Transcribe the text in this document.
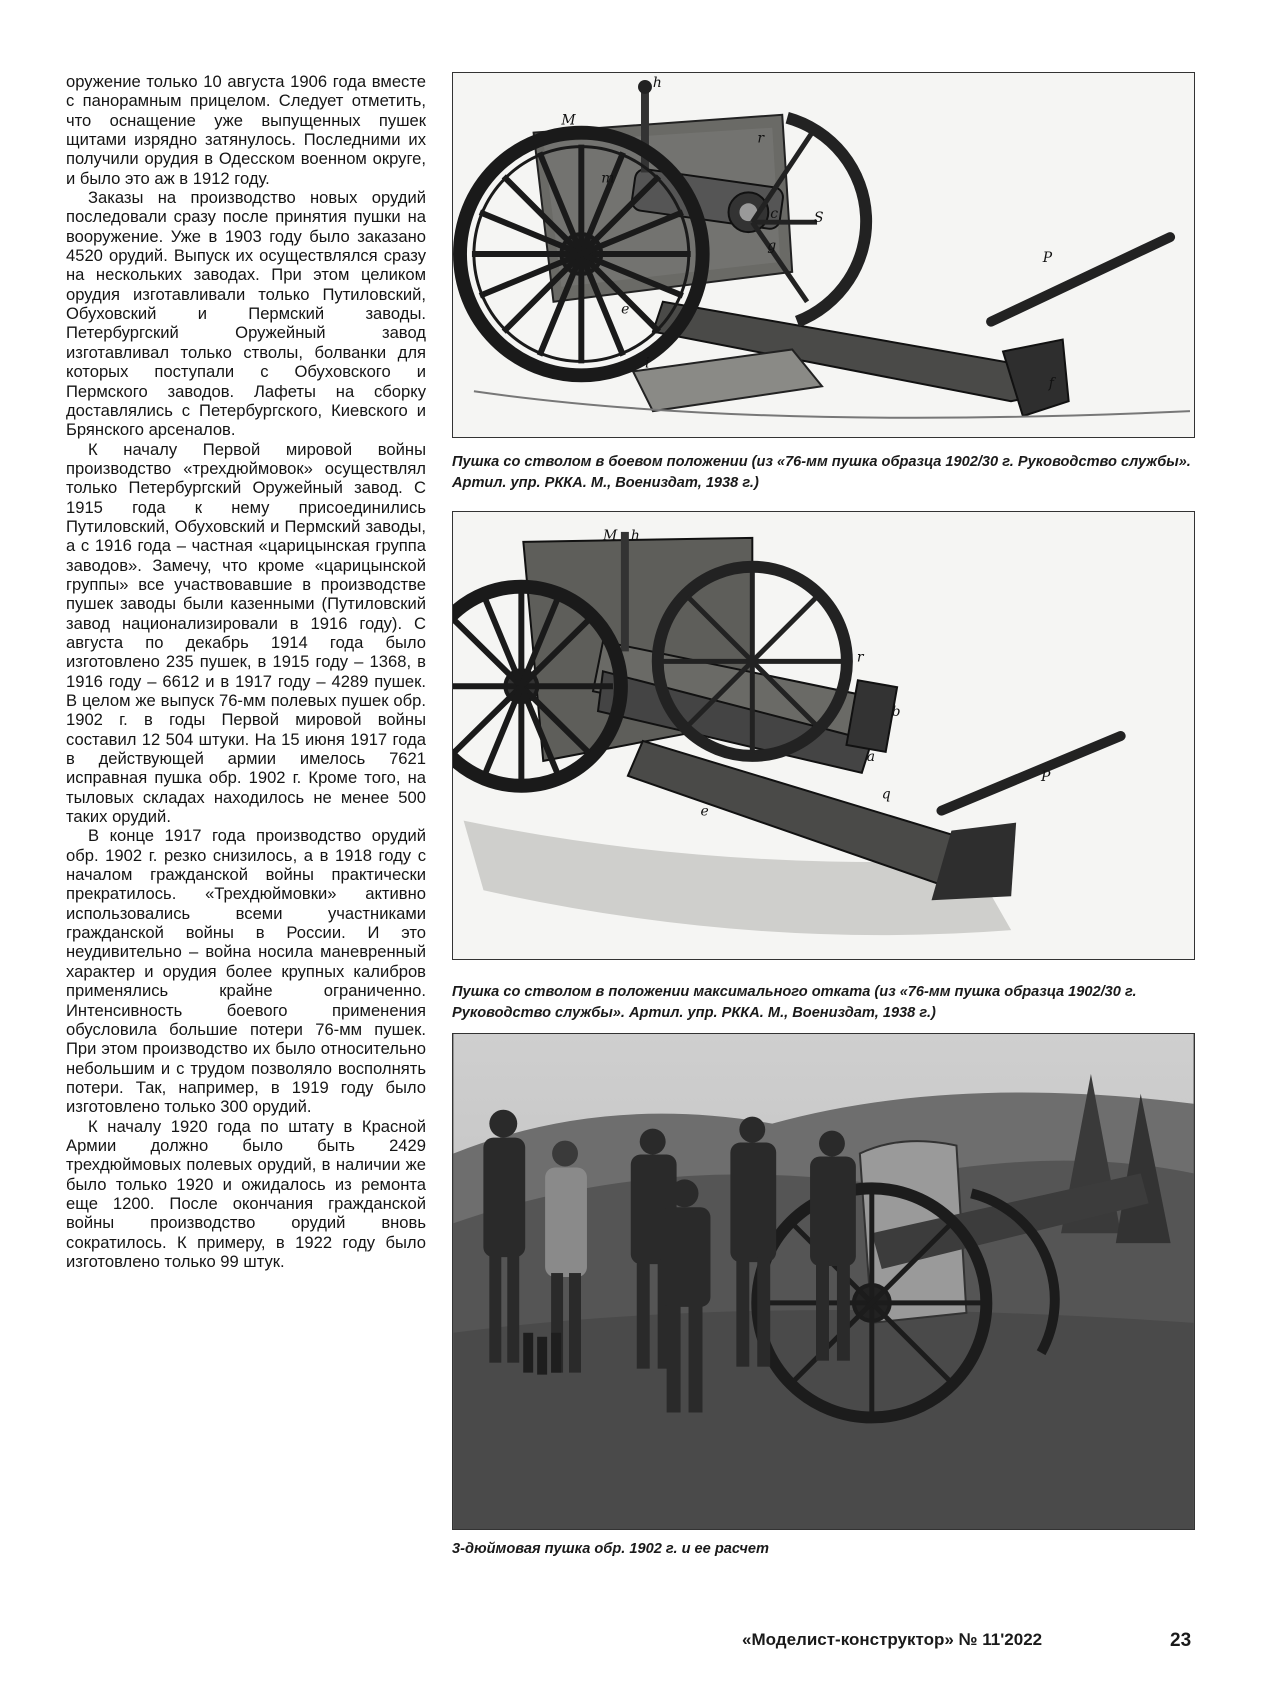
оружение только 10 августа 1906 года вместе с панорамным прицелом. Следует отметить, что оснащение уже выпущенных пушек щитами изрядно затянулось. Последними их получили орудия в Одесском военном округе, и было это аж в 1912 году.

Заказы на производство новых орудий последовали сразу после принятия пушки на вооружение. Уже в 1903 году было заказано 4520 орудий. Выпуск их осуществлялся сразу на нескольких заводах. При этом целиком орудия изготавливали только Путиловский, Обуховский и Пермский заводы. Петербургский Оружейный завод изготавливал только стволы, болванки для которых поступали с Обуховского и Пермского заводов. Лафеты на сборку доставлялись с Петербургского, Киевского и Брянского арсеналов.

К началу Первой мировой войны производство «трехдюймовок» осуществлял только Петербургский Оружейный завод. С 1915 года к нему присоединились Путиловский, Обуховский и Пермский заводы, а с 1916 года – частная «царицынская группа заводов». Замечу, что кроме «царицынской группы» все участвовавшие в производстве пушек заводы были казенными (Путиловский завод национализировали в 1916 году). С августа по декабрь 1914 года было изготовлено 235 пушек, в 1915 году – 1368, в 1916 году – 6612 и в 1917 году – 4289 пушек. В целом же выпуск 76-мм полевых пушек обр. 1902 г. в годы Первой мировой войны составил 12 504 штуки. На 15 июня 1917 года в действующей армии имелось 7621 исправная пушка обр. 1902 г. Кроме того, на тыловых складах находилось не менее 500 таких орудий.

В конце 1917 года производство орудий обр. 1902 г. резко снизилось, а в 1918 году с началом гражданской войны практически прекратилось. «Трехдюймовки» активно использовались всеми участниками гражданской войны в России. И это неудивительно – война носила маневренный характер и орудия более крупных калибров применялись крайне ограниченно. Интенсивность боевого применения обусловила большие потери 76-мм пушек. При этом производство их было относительно небольшим и с трудом позволяло восполнять потери. Так, например, в 1919 году было изготовлено только 300 орудий.

К началу 1920 года по штату в Красной Армии должно было быть 2429 трехдюймовых полевых орудий, в наличии же было только 1920 и ожидалось из ремонта еще 1200. После окончания гражданской войны производство орудий вновь сократилось. К примеру, в 1922 году было изготовлено только 99 штук.

h
M
m
r
c	S
g
P
e
i
f
Пушка со стволом в боевом положении (из «76-мм пушка образца 1902/30 г. Руководство службы». Артил. упр. РККА. М., Воениздат, 1938 г.)
M h
b
r
P
a
q
e
Пушка со стволом в положении максимального отката (из «76-мм пушка образца 1902/30 г. Руководство службы». Артил. упр. РККА. М., Воениздат, 1938 г.)
3-дюймовая пушка обр. 1902 г. и ее расчет
«Моделист-конструктор» № 11'2022	23
